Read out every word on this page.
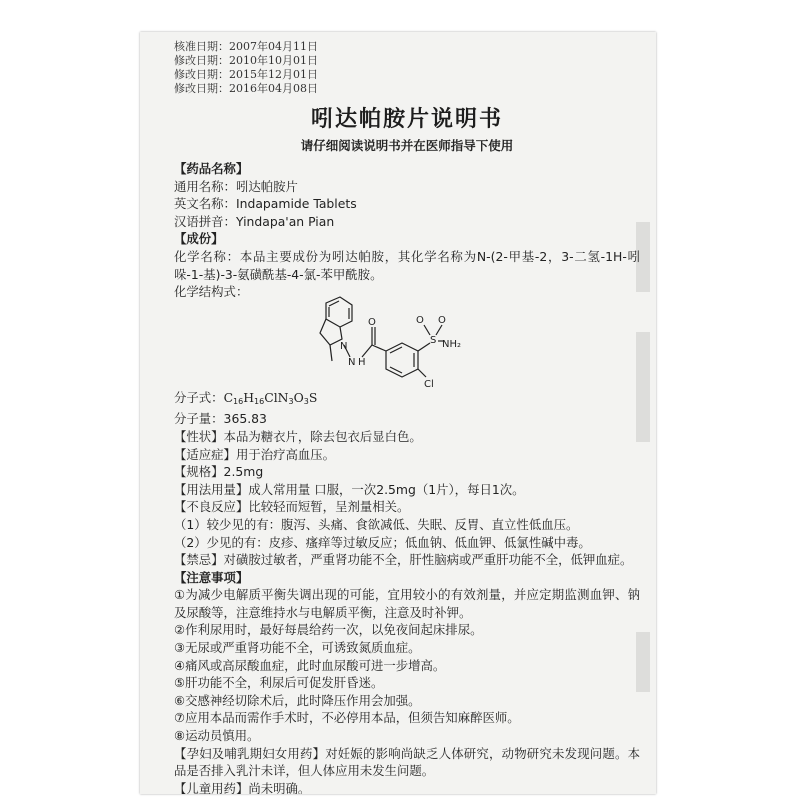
核准日期：2007年04月11日
修改日期：2010年10月01日
修改日期：2015年12月01日
修改日期：2016年04月08日
吲达帕胺片说明书
请仔细阅读说明书并在医师指导下使用
【药品名称】
通用名称：吲达帕胺片
英文名称：Indapamide Tablets
汉语拼音：Yindapa'an Pian
【成份】
化学名称：本品主要成份为吲达帕胺，其化学名称为N-(2-甲基-2，3-二氢-1H-吲哚-1-基)-3-氨磺酰基-4-氯-苯甲酰胺。
化学结构式：
O
N
N H
S
O O
NH₂
Cl
分子式：C16H16ClN3O3S
分子量：365.83
【性状】本品为糖衣片，除去包衣后显白色。
【适应症】用于治疗高血压。
【规格】2.5mg
【用法用量】成人常用量 口服，一次2.5mg（1片），每日1次。
【不良反应】比较轻而短暂，呈剂量相关。
（1）较少见的有：腹泻、头痛、食欲减低、失眠、反胃、直立性低血压。
（2）少见的有：皮疹、瘙痒等过敏反应；低血钠、低血钾、低氯性碱中毒。
【禁忌】对磺胺过敏者，严重肾功能不全，肝性脑病或严重肝功能不全，低钾血症。
【注意事项】
①为减少电解质平衡失调出现的可能，宜用较小的有效剂量，并应定期监测血钾、钠及尿酸等，注意维持水与电解质平衡，注意及时补钾。
②作利尿用时，最好每晨给药一次，以免夜间起床排尿。
③无尿或严重肾功能不全，可诱致氮质血症。
④痛风或高尿酸血症，此时血尿酸可进一步增高。
⑤肝功能不全，利尿后可促发肝昏迷。
⑥交感神经切除术后，此时降压作用会加强。
⑦应用本品而需作手术时，不必停用本品，但须告知麻醉医师。
⑧运动员慎用。
【孕妇及哺乳期妇女用药】对妊娠的影响尚缺乏人体研究，动物研究未发现问题。本品是否排入乳汁未详，但人体应用未发生问题。
【儿童用药】尚未明确。
